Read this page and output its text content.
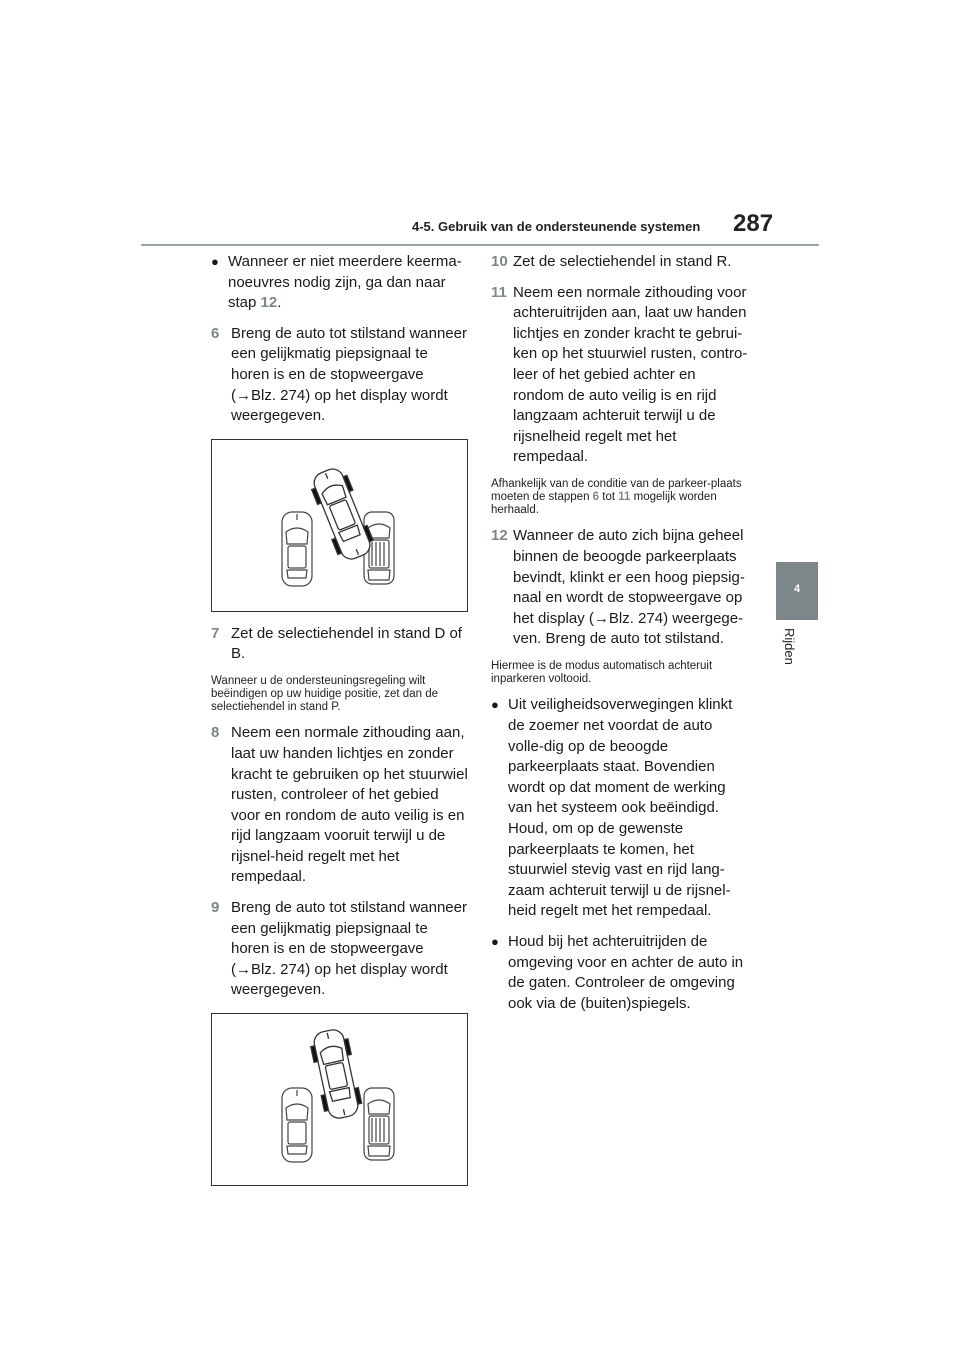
4-5. Gebruik van de ondersteunende systemen 287
4
Rijden
● Wanneer er niet meerdere keerma-noeuvres nodig zijn, ga dan naar stap 12.
6 Breng de auto tot stilstand wanneer een gelijkmatig piepsignaal te horen is en de stopweergave (→Blz. 274) op het display wordt weergegeven.
7 Zet de selectiehendel in stand D of B.
Wanneer u de ondersteuningsregeling wilt beëindigen op uw huidige positie, zet dan de selectiehendel in stand P.
8 Neem een normale zithouding aan, laat uw handen lichtjes en zonder kracht te gebruiken op het stuurwiel rusten, controleer of het gebied voor en rondom de auto veilig is en rijd langzaam vooruit terwijl u de rijsnel-heid regelt met het rempedaal.
9 Breng de auto tot stilstand wanneer een gelijkmatig piepsignaal te horen is en de stopweergave (→Blz. 274) op het display wordt weergegeven.
10 Zet de selectiehendel in stand R.
11 Neem een normale zithouding voor achteruitrijden aan, laat uw handen lichtjes en zonder kracht te gebrui-ken op het stuurwiel rusten, contro-leer of het gebied achter en rondom de auto veilig is en rijd langzaam achteruit terwijl u de rijsnelheid regelt met het rempedaal.
Afhankelijk van de conditie van de parkeer-plaats moeten de stappen 6 tot 11 mogelijk worden herhaald.
12 Wanneer de auto zich bijna geheel binnen de beoogde parkeerplaats bevindt, klinkt er een hoog piepsig-naal en wordt de stopweergave op het display (→Blz. 274) weergege-ven. Breng de auto tot stilstand.
Hiermee is de modus automatisch achteruit inparkeren voltooid.
● Uit veiligheidsoverwegingen klinkt de zoemer net voordat de auto volle-dig op de beoogde parkeerplaats staat. Bovendien wordt op dat moment de werking van het systeem ook beëindigd. Houd, om op de gewenste parkeerplaats te komen, het stuurwiel stevig vast en rijd lang-zaam achteruit terwijl u de rijsnel-heid regelt met het rempedaal.
● Houd bij het achteruitrijden de omgeving voor en achter de auto in de gaten. Controleer de omgeving ook via de (buiten)spiegels.
